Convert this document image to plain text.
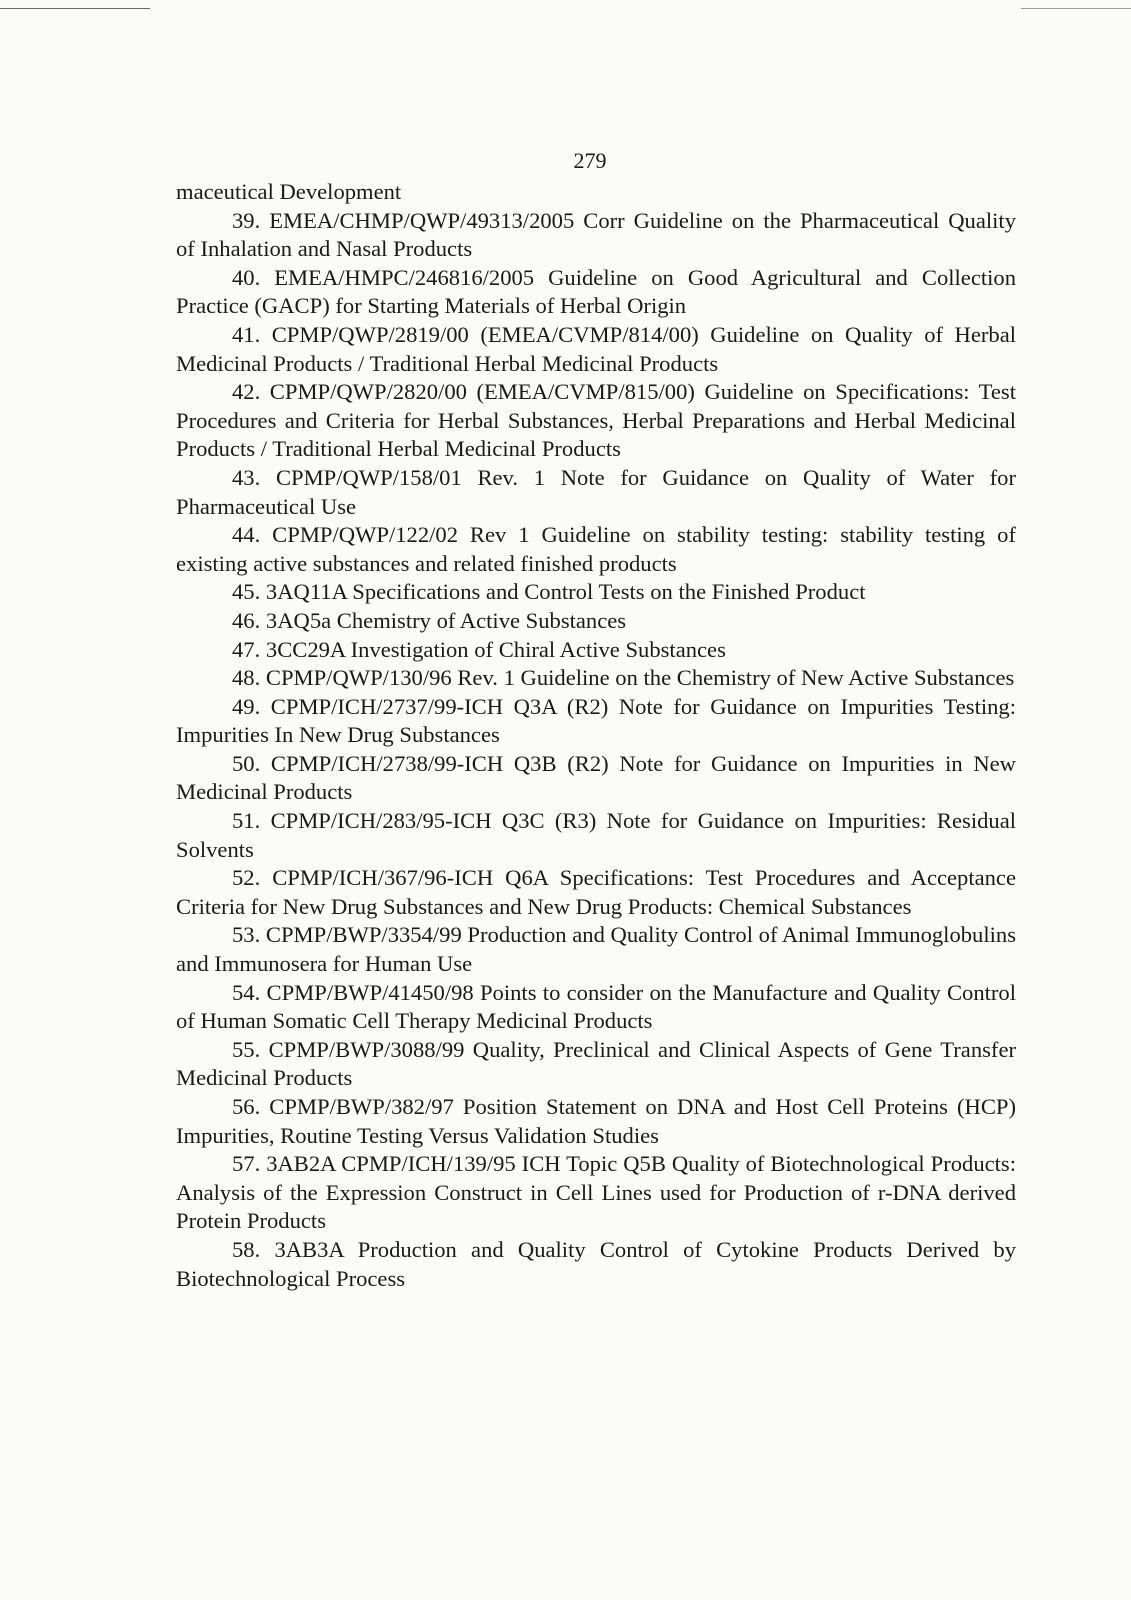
279

maceutical Development

39. EMEA/CHMP/QWP/49313/2005 Corr Guideline on the Pharmaceutical Quality of Inhalation and Nasal Products

40. EMEA/HMPC/246816/2005 Guideline on Good Agricultural and Collection Practice (GACP) for Starting Materials of Herbal Origin

41. CPMP/QWP/2819/00 (EMEA/CVMP/814/00) Guideline on Quality of Herbal Medicinal Products / Traditional Herbal Medicinal Products

42. CPMP/QWP/2820/00 (EMEA/CVMP/815/00) Guideline on Specifications: Test Procedures and Criteria for Herbal Substances, Herbal Preparations and Herbal Medicinal Products / Traditional Herbal Medicinal Products

43. CPMP/QWP/158/01 Rev. 1 Note for Guidance on Quality of Water for Pharmaceutical Use

44. CPMP/QWP/122/02 Rev 1 Guideline on stability testing: stability testing of existing active substances and related finished products

45. 3AQ11A Specifications and Control Tests on the Finished Product

46. 3AQ5a Chemistry of Active Substances

47. 3CC29A Investigation of Chiral Active Substances

48. CPMP/QWP/130/96 Rev. 1 Guideline on the Chemistry of New Active Substances

49. CPMP/ICH/2737/99-ICH Q3A (R2) Note for Guidance on Impurities Testing: Impurities In New Drug Substances

50. CPMP/ICH/2738/99-ICH Q3B (R2) Note for Guidance on Impurities in New Medicinal Products

51. CPMP/ICH/283/95-ICH Q3C (R3) Note for Guidance on Impurities: Residual Solvents

52. CPMP/ICH/367/96-ICH Q6A Specifications: Test Procedures and Acceptance Criteria for New Drug Substances and New Drug Products: Chemical Substances

53. CPMP/BWP/3354/99 Production and Quality Control of Animal Immunoglobulins and Immunosera for Human Use

54. CPMP/BWP/41450/98 Points to consider on the Manufacture and Quality Control of Human Somatic Cell Therapy Medicinal Products

55. CPMP/BWP/3088/99 Quality, Preclinical and Clinical Aspects of Gene Transfer Medicinal Products

56. CPMP/BWP/382/97 Position Statement on DNA and Host Cell Proteins (HCP) Impurities, Routine Testing Versus Validation Studies

57. 3AB2A CPMP/ICH/139/95 ICH Topic Q5B Quality of Biotechnological Products: Analysis of the Expression Construct in Cell Lines used for Production of r-DNA derived Protein Products

58. 3AB3A Production and Quality Control of Cytokine Products Derived by Biotechnological Process
